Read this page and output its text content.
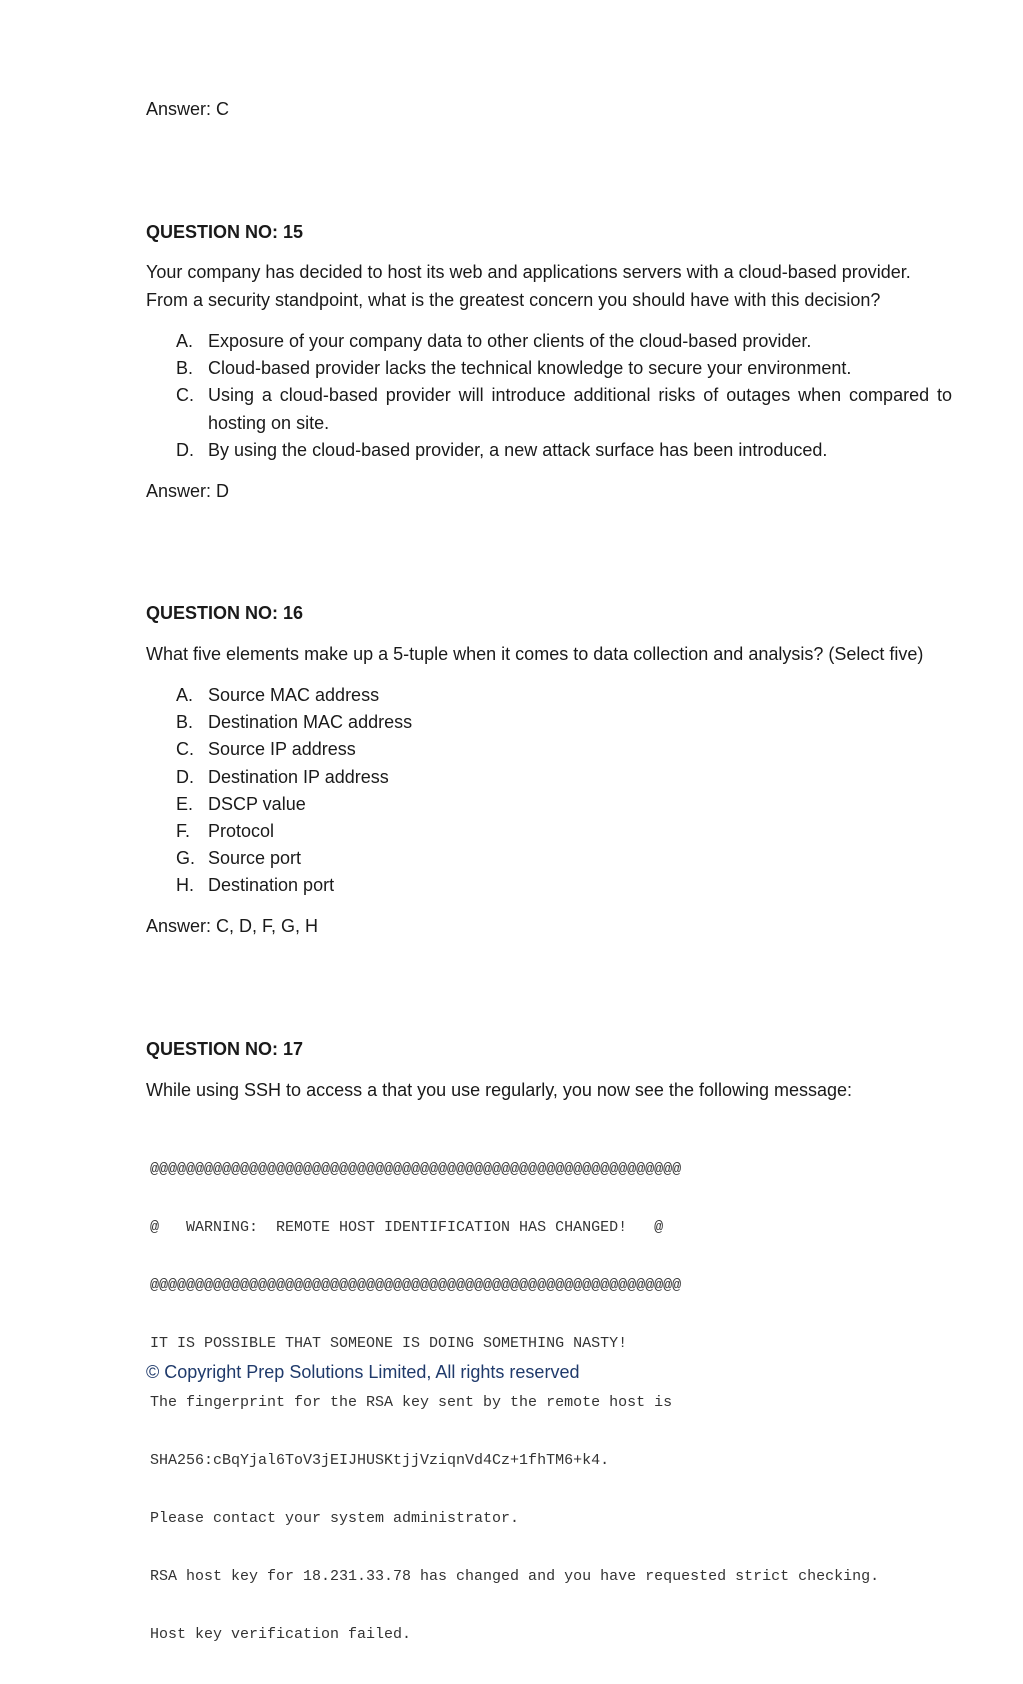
Answer: C
QUESTION NO: 15
Your company has decided to host its web and applications servers with a cloud-based provider. From a security standpoint, what is the greatest concern you should have with this decision?
A. Exposure of your company data to other clients of the cloud-based provider.
B. Cloud-based provider lacks the technical knowledge to secure your environment.
C. Using a cloud-based provider will introduce additional risks of outages when compared to hosting on site.
D. By using the cloud-based provider, a new attack surface has been introduced.
Answer: D
QUESTION NO: 16
What five elements make up a 5-tuple when it comes to data collection and analysis? (Select five)
A. Source MAC address
B. Destination MAC address
C. Source IP address
D. Destination IP address
E. DSCP value
F. Protocol
G. Source port
H. Destination port
Answer: C, D, F, G, H
QUESTION NO: 17
While using SSH to access a that you use regularly, you now see the following message:

@@@@@@@@@@@@@@@@@@@@@@@@@@@@@@@@@@@@@@@@@@@@@@@@@@@@@@@@@@@

@   WARNING:  REMOTE HOST IDENTIFICATION HAS CHANGED!   @

@@@@@@@@@@@@@@@@@@@@@@@@@@@@@@@@@@@@@@@@@@@@@@@@@@@@@@@@@@@

IT IS POSSIBLE THAT SOMEONE IS DOING SOMETHING NASTY!

The fingerprint for the RSA key sent by the remote host is

SHA256:cBqYjal6ToV3jEIJHUSKtjjVziqnVd4Cz+1fhTM6+k4.

Please contact your system administrator.

RSA host key for 18.231.33.78 has changed and you have requested strict checking.

Host key verification failed.

© Copyright Prep Solutions Limited, All rights reserved
